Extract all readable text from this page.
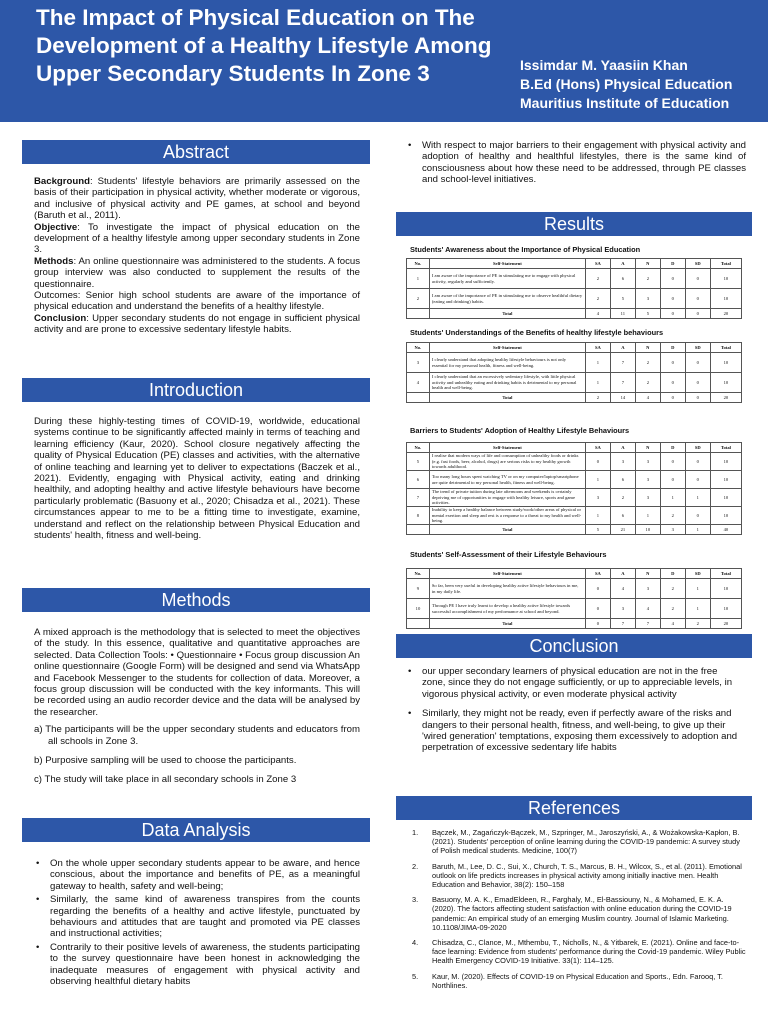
The Impact of Physical Education on The Development of a Healthy Lifestyle Among Upper Secondary Students In Zone 3	Issimdar M. Yaasiin Khan
B.Ed (Hons) Physical Education
Mauritius Institute of Education
Abstract

Background: Students' lifestyle behaviors are primarily assessed on the basis of their participation in physical activity, whether moderate or vigorous, and inclusive of physical activity and PE games, at school and beyond (Baruth et al., 2011).

Objective: To investigate the impact of physical education on the development of a healthy lifestyle among upper secondary students in Zone 3.

Methods: An online questionnaire was administered to the students. A focus group interview was also conducted to supplement the results of the questionnaire.

Outcomes: Senior high school students are aware of the importance of physical education and understand the benefits of a healthy lifestyle.

Conclusion: Upper secondary students do not engage in sufficient physical activity and are prone to excessive sedentary lifestyle habits.

Introduction
During these highly-testing times of COVID-19, worldwide, educational systems continue to be significantly affected mainly in terms of teaching and learning efficiency (Kaur, 2020). School closure negatively affecting the quality of Physical Education (PE) classes and activities, with the alternative of online teaching and learning yet to deliver to expectations (Baczek et al., 2021). Evidently, engaging with Physical activity, eating and drinking healthily, and adopting healthy and active lifestyle behaviours have become particularly problematic (Basuony et al., 2020; Chisadza et al., 2021). These circumstances appear to me to be a fitting time to investigate, examine, understand and reflect on the relationship between Physical Education and students' health, fitness and well-being.
Methods

A mixed approach is the methodology that is selected to meet the objectives of the study. In this essence, qualitative and quantitative approaches are selected. Data Collection Tools: • Questionnaire • Focus group discussion An online questionnaire (Google Form) will be designed and send via WhatsApp and Facebook Messenger to the students for collection of data. Moreover, a focus group discussion will be conducted with the key informants. This will be recorded using an audio recorder device and the data will be analysed by the researcher.

a) The participants will be the upper secondary students and educators from all schools in Zone 3.

b) Purposive sampling will be used to choose the participants.

c) The study will take place in all secondary schools in Zone 3

Data Analysis
• On the whole upper secondary students appear to be aware, and hence conscious, about the importance and benefits of PE, as a meaningful gateway to health, safety and well-being;
• Similarly, the same kind of awareness transpires from the counts regarding the benefits of a healthy and active lifestyle, punctuated by behaviours and attitudes that are taught and promoted via PE classes and instructional activities;
• Contrarily to their positive levels of awareness, the students participating to the survey questionnaire have been honest in acknowledging the inadequate measures of engagement with physical activity and observing healthful dietary habits
• With respect to major barriers to their engagement with physical activity and adoption of healthy and healthful lifestyles, there is the same kind of consciousness about how these need to be addressed, through PE classes and school-level initiatives.
Results
Students' Awareness about the Importance of Physical Education
No.	Self-Statement	SA	A	N	D	SD	Total
1	I am aware of the importance of PE in stimulating me to engage with physical activity, regularly and sufficiently.	2	6	2	0	0	10
2	I am aware of the importance of PE in stimulating me to observe healthful dietary (eating and drinking) habits.	2	5	3	0	0	10
	Total	4	11	5	0	0	20
Students' Understandings of the Benefits of healthy lifestyle behaviours
No.	Self-Statement	SA	A	N	D	SD	Total
3	I clearly understand that adopting healthy lifestyle behaviours is not only essential for my personal health, fitness and well-being.	1	7	2	0	0	10
4	I clearly understand that an excessively sedentary lifestyle, with little physical activity and unhealthy eating and drinking habits is detrimental to my personal health and well-being.	1	7	2	0	0	10
	Total	2	14	4	0	0	20
Barriers to Students' Adoption of Healthy Lifestyle Behaviours
No.	Self-Statement	SA	A	N	D	SD	Total
5	I realise that modern ways of life and consumption of unhealthy foods or drinks (e.g. fast foods, beer, alcohol, drugs) are serious risks to my healthy growth towards adulthood.	0	3	3	0	0	10
6	Too many long hours spent watching TV or on my computer/laptop/smartphone are quite detrimental to my personal health, fitness and well-being.	1	6	3	0	0	10
7	The trend of private tuition during late afternoons and weekends is certainly depriving me of opportunities to engage with healthy leisure, sports and game activities.	3	2	3	1	1	10
8	Inability to keep a healthy balance between study/work/other areas of physical or mental exertion and sleep and rest is a response to a threat to my health and well-being.	1	6	1	2	0	10
	Total	5	21	10	3	1	40
Students' Self-Assessment of their Lifestyle Behaviours
No.	Self-Statement	SA	A	N	D	SD	Total
9	So far, been very useful in developing healthy active lifestyle behaviours in me, in my daily life.	0	4	3	2	1	10
10	Through PE I have truly learnt to develop a healthy active lifestyle towards successful accomplishment of my performance at school and beyond.	0	3	4	2	1	10
	Total	0	7	7	4	2	20
Conclusion
• our upper secondary learners of physical education are not in the free zone, since they do not engage sufficiently, or up to appreciable levels, in vigorous physical activity, or even moderate physical activity
• Similarly, they might not be ready, even if perfectly aware of the risks and dangers to their personal health, fitness, and well-being, to give up their 'wired generation' temptations, exposing them excessively to adoption and perpetration of excessive sedentary life habits
References
1. Bączek, M., Zagańczyk-Bączek, M., Szpringer, M., Jaroszyński, A., & Wożakowska-Kapłon, B. (2021). Students' perception of online learning during the COVID-19 pandemic: A survey study of Polish medical students. Medicine, 100(7)
2. Baruth, M., Lee, D. C., Sui, X., Church, T. S., Marcus, B. H., Wilcox, S., et al. (2011). Emotional outlook on life predicts increases in physical activity among initially inactive men. Health Education and Behavior, 38(2): 150–158
3. Basuony, M. A. K., EmadEldeen, R., Farghaly, M., El-Bassiouny, N., & Mohamed, E. K. A. (2020). The factors affecting student satisfaction with online education during the COVID-19 pandemic: An empirical study of an emerging Muslim country. Journal of Islamic Marketing. 10.1108/JIMA-09-2020
4. Chisadza, C., Clance, M., Mthembu, T., Nicholls, N., & Yitbarek, E. (2021). Online and face-to-face learning: Evidence from students' performance during the Covid-19 pandemic. Wiley Public Health Emergency COVID-19 Initiative. 33(1): 114–125.
5. Kaur, M. (2020). Effects of COVID-19 on Physical Education and Sports., Edn. Farooq, T. Northlines.
